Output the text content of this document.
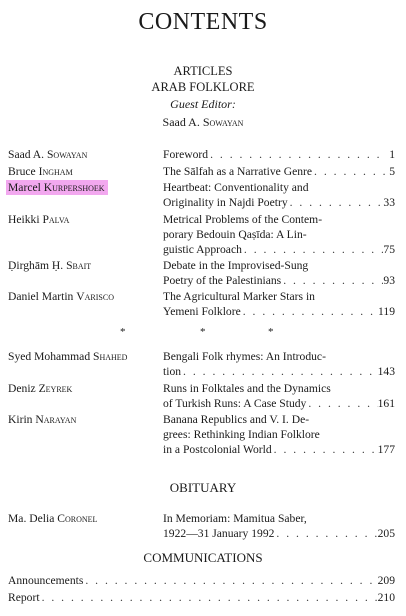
CONTENTS
ARTICLES
ARAB FOLKLORE
Guest Editor:
Saad A. Sowayan
Saad A. Sowayan	Foreword . . .	1
Bruce Ingham	The Sālfah as a Narrative Genre . . .	5
Marcel Kurpershoek	Heartbeat: Conventionality and
Originality in Najdi Poetry . . .	33
Heikki Palva	Metrical Problems of the Contem-
porary Bedouin Qaṣīda: A Lin-
guistic Approach . . .	75
Ḍirghām Ḥ. Sbait	Debate in the Improvised-Sung
Poetry of the Palestinians . . .	93
Daniel Martin Varisco	The Agricultural Marker Stars in
Yemeni Folklore . . .	119
*	*	*
Syed Mohammad Shahed	Bengali Folk rhymes: An Introduc-
tion . . .	143
Deniz Zeyrek	Runs in Folktales and the Dynamics
of Turkish Runs: A Case Study . . .	161
Kirin Narayan	Banana Republics and V. I. De-
grees: Rethinking Indian Folklore
in a Postcolonial World . . .	177
OBITUARY
Ma. Delia Coronel	In Memoriam: Mamitua Saber,
1922—31 January 1992 . . .	205
COMMUNICATIONS
Announcements . . .	209
Report . . .	210
